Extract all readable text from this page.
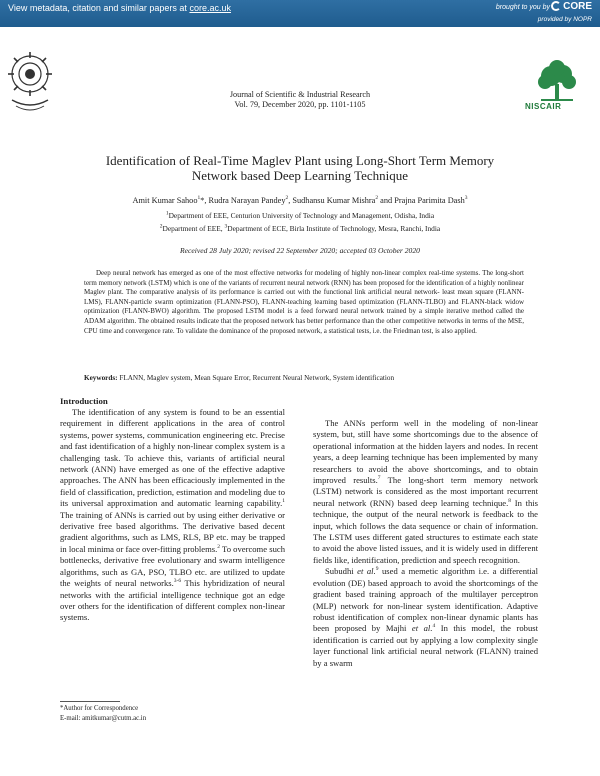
View metadata, citation and similar papers at core.ac.uk	brought to you by	CORE
provided by NOPR
NISCAIR
Journal of Scientific & Industrial Research
Vol. 79, December 2020, pp. 1101-1105
Identification of Real-Time Maglev Plant using Long-Short Term Memory
Network based Deep Learning Technique
Amit Kumar Sahoo$^1$*, Rudra Narayan Pandey$^2$, Sudhansu Kumar Mishra$^2$ and Prajna Parimita Dash$^3$
$^1$Department of EEE, Centurion University of Technology and Management, Odisha, India
$^2$Department of EEE, $^3$Department of ECE, Birla Institute of Technology, Mesra, Ranchi, India
Received 28 July 2020; revised 22 September 2020; accepted 03 October 2020
Deep neural network has emerged as one of the most effective networks for modeling of highly non-linear complex real-time systems. The long-short term memory network (LSTM) which is one of the variants of recurrent neural network (RNN) has been proposed for the identification of a highly nonlinear Maglev plant. The comparative analysis of its performance is carried out with the functional link artificial neural network- least mean square (FLANN-LMS), FLANN-particle swarm optimization (FLANN-PSO), FLANN-teaching learning based optimization (FLANN-TLBO) and FLANN-black widow optimization (FLANN-BWO) algorithm. The proposed LSTM model is a feed forward neural network trained by a simple iterative method called the ADAM algorithm. The obtained results indicate that the proposed network has better performance than the other competitive networks in terms of the MSE, CPU time and convergence rate. To validate the dominance of the proposed network, a statistical tests, i.e. the Friedman test, is also applied.
Keywords: FLANN, Maglev system, Mean Square Error, Recurrent Neural Network, System identification
Introduction

The identification of any system is found to be an essential requirement in different applications in the area of control systems, power systems, communication engineering etc. Precise and fast identification of a highly non-linear complex system is a challenging task. To achieve this, variants of artificial neural network (ANN) have emerged as one of the effective adaptive approaches. The ANN has been efficaciously implemented in the field of classification, prediction, estimation and modeling due to its universal approximation and automatic learning capability.$^1$ The training of ANNs is carried out by using either derivative or derivative free based algorithms. The derivative based decent gradient algorithms, such as LMS, RLS, BP etc. may be trapped in local minima or face over-fitting problems.$^2$ To overcome such bottlenecks, derivative free evolutionary and swarm intelligence algorithms, such as GA, PSO, TLBO etc. are utilized to update the weights of neural networks.$^{3-6}$ This hybridization of neural networks with the artificial intelligence technique got an edge over others for the identification of different complex non-linear systems.

The ANNs perform well in the modeling of non-linear system, but, still have some shortcomings due to the absence of operational information at the hidden layers and nodes. In recent years, a deep learning technique has been implemented by many researchers to avoid the above shortcomings, and to obtain improved results.$^7$ The long-short term memory network (LSTM) network is considered as the most important recurrent neural network (RNN) based deep learning technique.$^8$ In this technique, the output of the neural network is feedback to the input, which follows the data sequence or chain of information. The LSTM uses different gated structures to estimate each state to avoid the above listed issues, and it is widely used in different fields like, identification, prediction and speech recognition.

Subudhi et al.$^9$ used a memetic algorithm i.e. a differential evolution (DE) based approach to avoid the shortcomings of the gradient based training approach of the multilayer perceptron (MLP) network for non-linear system identification. Adaptive robust identification of complex non-linear dynamic plants has been proposed by Majhi et al.$^4$ In this model, the robust identification is carried out by applying a low complexity single layer functional link artificial neural network (FLANN) trained by a swarm

*Author for Correspondence
E-mail: amitkumar@cutm.ac.in
